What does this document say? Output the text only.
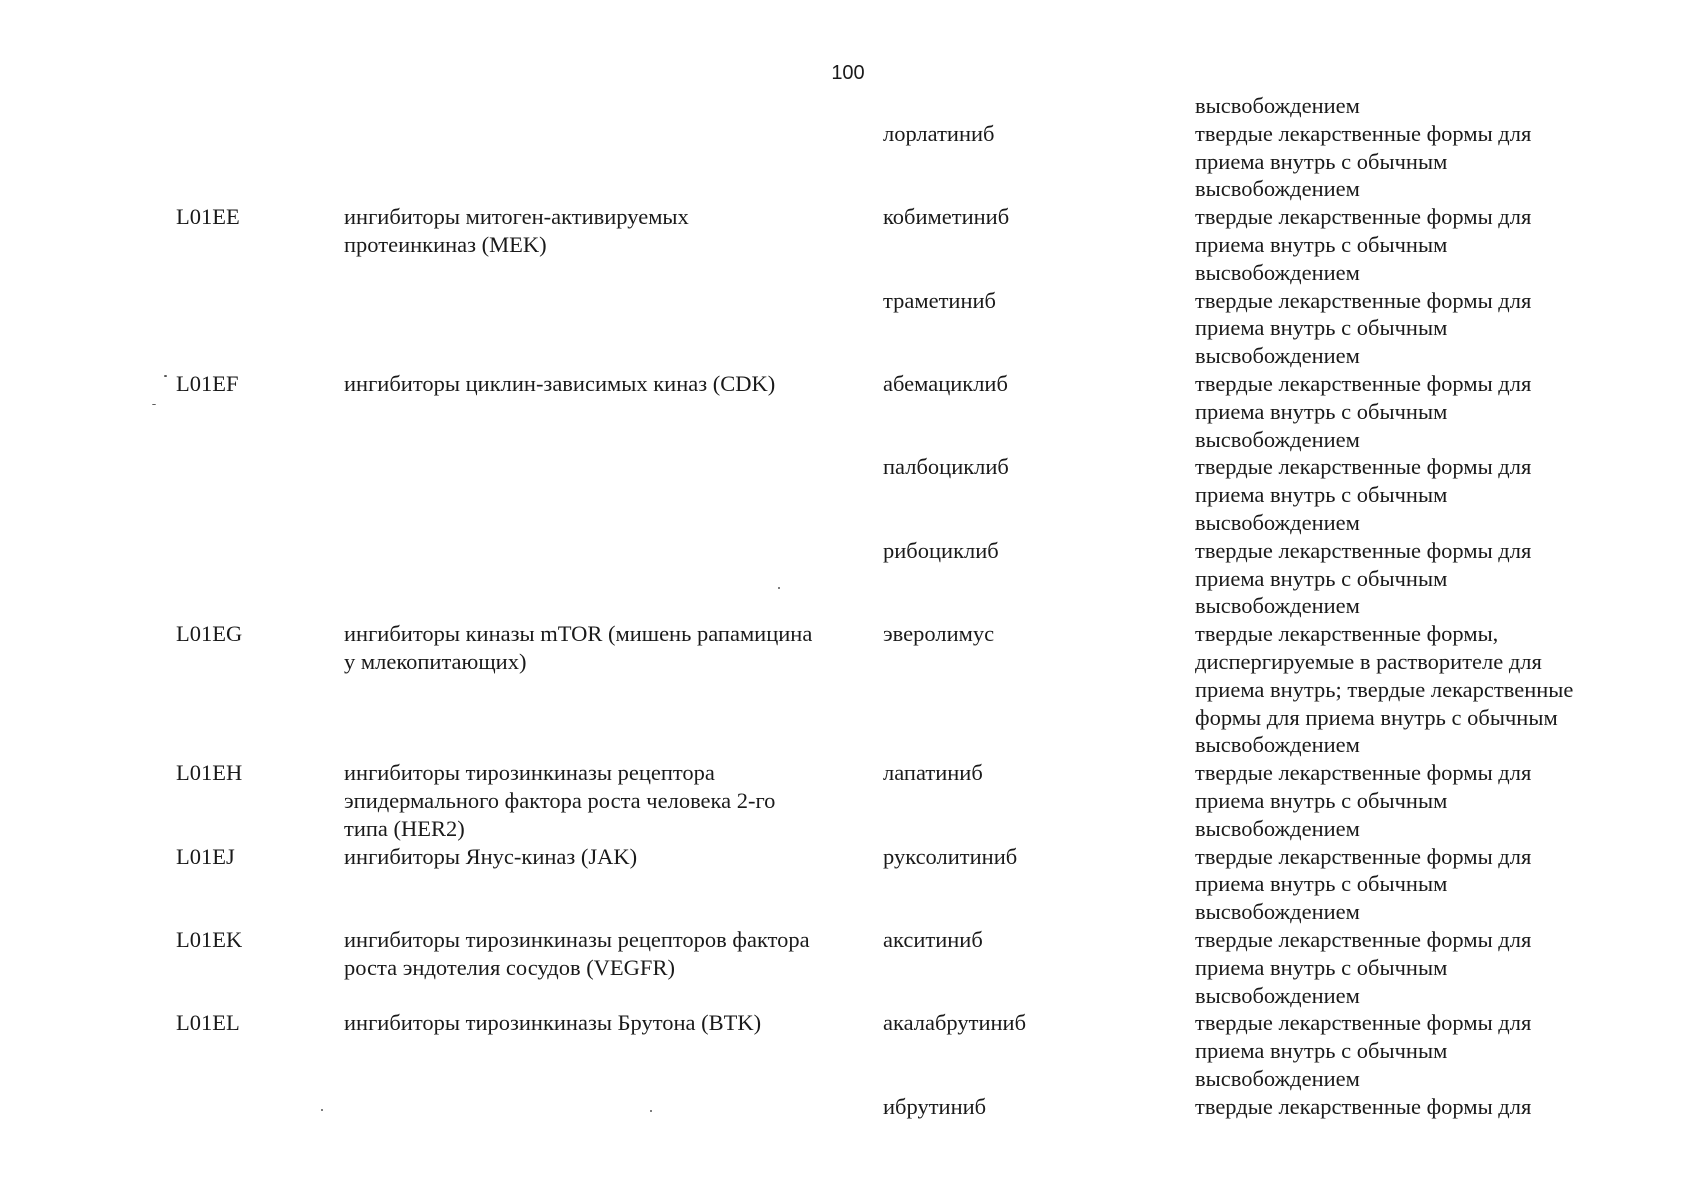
100
высвобождением
лорлатиниб	твердые лекарственные формы для
приема внутрь с обычным
высвобождением
L01EE	ингибиторы митоген-активируемых
протеинкиназ (MEK)
кобиметиниб	твердые лекарственные формы для
приема внутрь с обычным
высвобождением
траметиниб	твердые лекарственные формы для
приема внутрь с обычным
высвобождением
L01EF	ингибиторы циклин-зависимых киназ (CDK)	абемациклиб	твердые лекарственные формы для
приема внутрь с обычным
высвобождением
палбоциклиб	твердые лекарственные формы для
приема внутрь с обычным
высвобождением
рибоциклиб	твердые лекарственные формы для
приема внутрь с обычным
высвобождением
L01EG	ингибиторы киназы mTOR (мишень рапамицина
у млекопитающих)
эверолимус	твердые лекарственные формы,
диспергируемые в растворителе для
приема внутрь; твердые лекарственные
формы для приема внутрь с обычным
высвобождением
L01EH	ингибиторы тирозинкиназы рецептора
эпидермального фактора роста человека 2-го
типа (HER2)
лапатиниб	твердые лекарственные формы для
приема внутрь с обычным
высвобождением
L01EJ	ингибиторы Янус-киназ (JAK)	руксолитиниб	твердые лекарственные формы для
приема внутрь с обычным
высвобождением
L01EK	ингибиторы тирозинкиназы рецепторов фактора
роста эндотелия сосудов (VEGFR)
акситиниб	твердые лекарственные формы для
приема внутрь с обычным
высвобождением
L01EL	ингибиторы тирозинкиназы Брутона (BTK)	акалабрутиниб	твердые лекарственные формы для
приема внутрь с обычным
высвобождением
ибрутиниб	твердые лекарственные формы для
